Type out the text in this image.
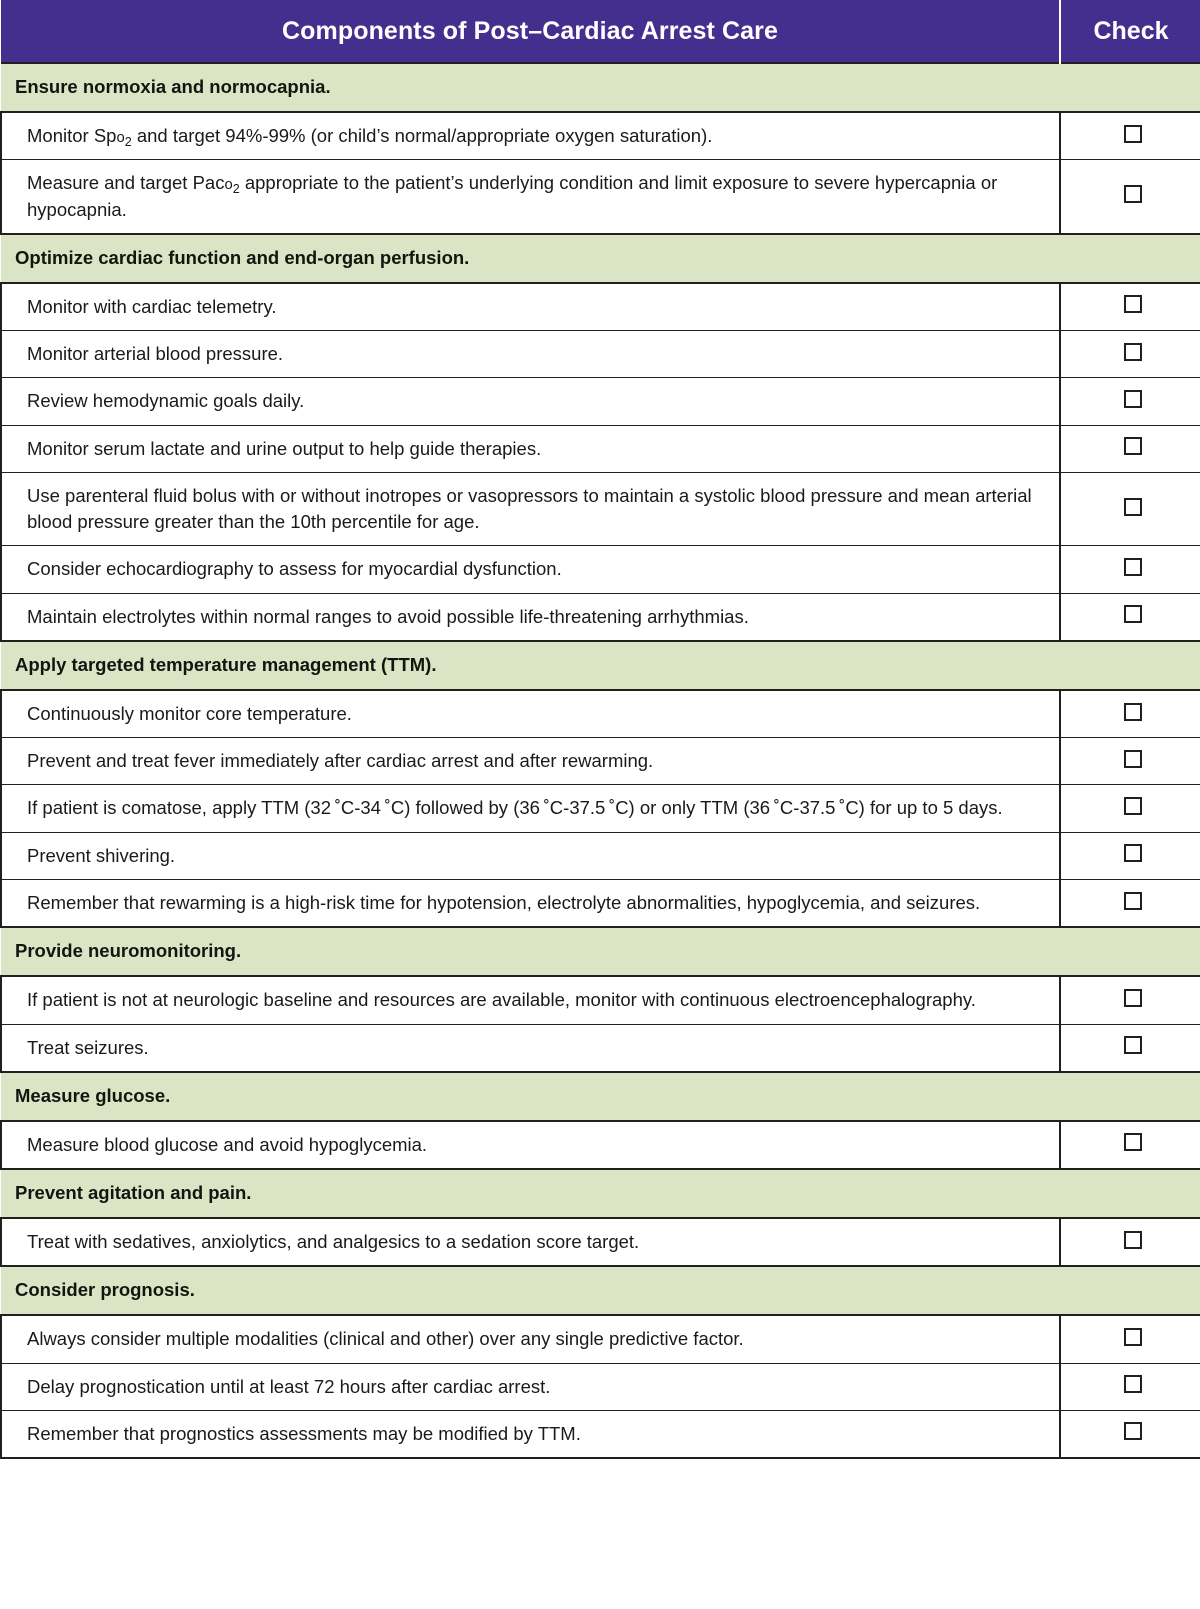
Components of Post–Cardiac Arrest Care	Check
Ensure normoxia and normocapnia.	
Monitor Spo$_2$ and target 94%-99% (or child’s normal/appropriate oxygen saturation).	
Measure and target Paco$_2$ appropriate to the patient’s underlying condition and limit exposure to severe hypercapnia or hypocapnia.	
Optimize cardiac function and end-organ perfusion.	
Monitor with cardiac telemetry.	
Monitor arterial blood pressure.	
Review hemodynamic goals daily.	
Monitor serum lactate and urine output to help guide therapies.	
Use parenteral fluid bolus with or without inotropes or vasopressors to maintain a systolic blood pressure and mean arterial blood pressure greater than the 10th percentile for age.	
Consider echocardiography to assess for myocardial dysfunction.	
Maintain electrolytes within normal ranges to avoid possible life-threatening arrhythmias.	
Apply targeted temperature management (TTM).	
Continuously monitor core temperature.	
Prevent and treat fever immediately after cardiac arrest and after rewarming.	
If patient is comatose, apply TTM (32 ˚C-34 ˚C) followed by (36 ˚C-37.5 ˚C) or only TTM (36 ˚C-37.5 ˚C) for up to 5 days.	
Prevent shivering.	
Remember that rewarming is a high-risk time for hypotension, electrolyte abnormalities, hypoglycemia, and seizures.	
Provide neuromonitoring.	
If patient is not at neurologic baseline and resources are available, monitor with continuous electroencephalography.	
Treat seizures.	
Measure glucose.	
Measure blood glucose and avoid hypoglycemia.	
Prevent agitation and pain.	
Treat with sedatives, anxiolytics, and analgesics to a sedation score target.	
Consider prognosis.	
Always consider multiple modalities (clinical and other) over any single predictive factor.	
Delay prognostication until at least 72 hours after cardiac arrest.	
Remember that prognostics assessments may be modified by TTM.	
